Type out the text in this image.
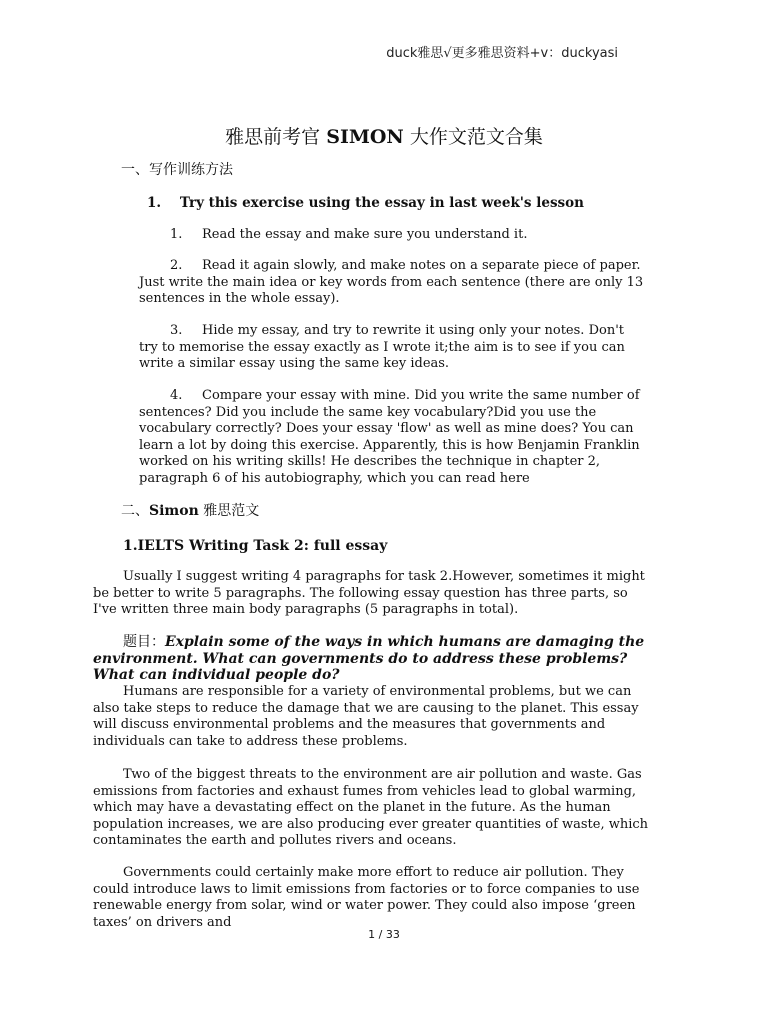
duck雅思√更多雅思资料+v：duckyasi
雅思前考官 SIMON 大作文范文合集
一、写作训练方法
1.    Try this exercise using the essay in last week's lesson
1. Read the essay and make sure you understand it.
2. Read it again slowly, and make notes on a separate piece of paper. Just write the main idea or key words from each sentence (there are only 13 sentences in the whole essay).
3. Hide my essay, and try to rewrite it using only your notes. Don't try to memorise the essay exactly as I wrote it;the aim is to see if you can write a similar essay using the same key ideas.
4. Compare your essay with mine. Did you write the same number of sentences? Did you include the same key vocabulary?Did you use the vocabulary correctly? Does your essay 'flow' as well as mine does? You can learn a lot by doing this exercise. Apparently, this is how Benjamin Franklin worked on his writing skills! He describes the technique in chapter 2, paragraph 6 of his autobiography, which you can read here
二、Simon 雅思范文
1.IELTS Writing Task 2: full essay
Usually I suggest writing 4 paragraphs for task 2.However, sometimes it might be better to write 5 paragraphs. The following essay question has three parts, so I've written three main body paragraphs (5 paragraphs in total).
题目：Explain some of the ways in which humans are damaging the environment. What can governments do to address these problems? What can individual people do?
Humans are responsible for a variety of environmental problems, but we can also take steps to reduce the damage that we are causing to the planet. This essay will discuss environmental problems and the measures that governments and individuals can take to address these problems.
Two of the biggest threats to the environment are air pollution and waste. Gas emissions from factories and exhaust fumes from vehicles lead to global warming, which may have a devastating effect on the planet in the future. As the human population increases, we are also producing ever greater quantities of waste, which contaminates the earth and pollutes rivers and oceans.
Governments could certainly make more effort to reduce air pollution. They could introduce laws to limit emissions from factories or to force companies to use renewable energy from solar, wind or water power. They could also impose ‘green taxes’ on drivers and
1 / 33
